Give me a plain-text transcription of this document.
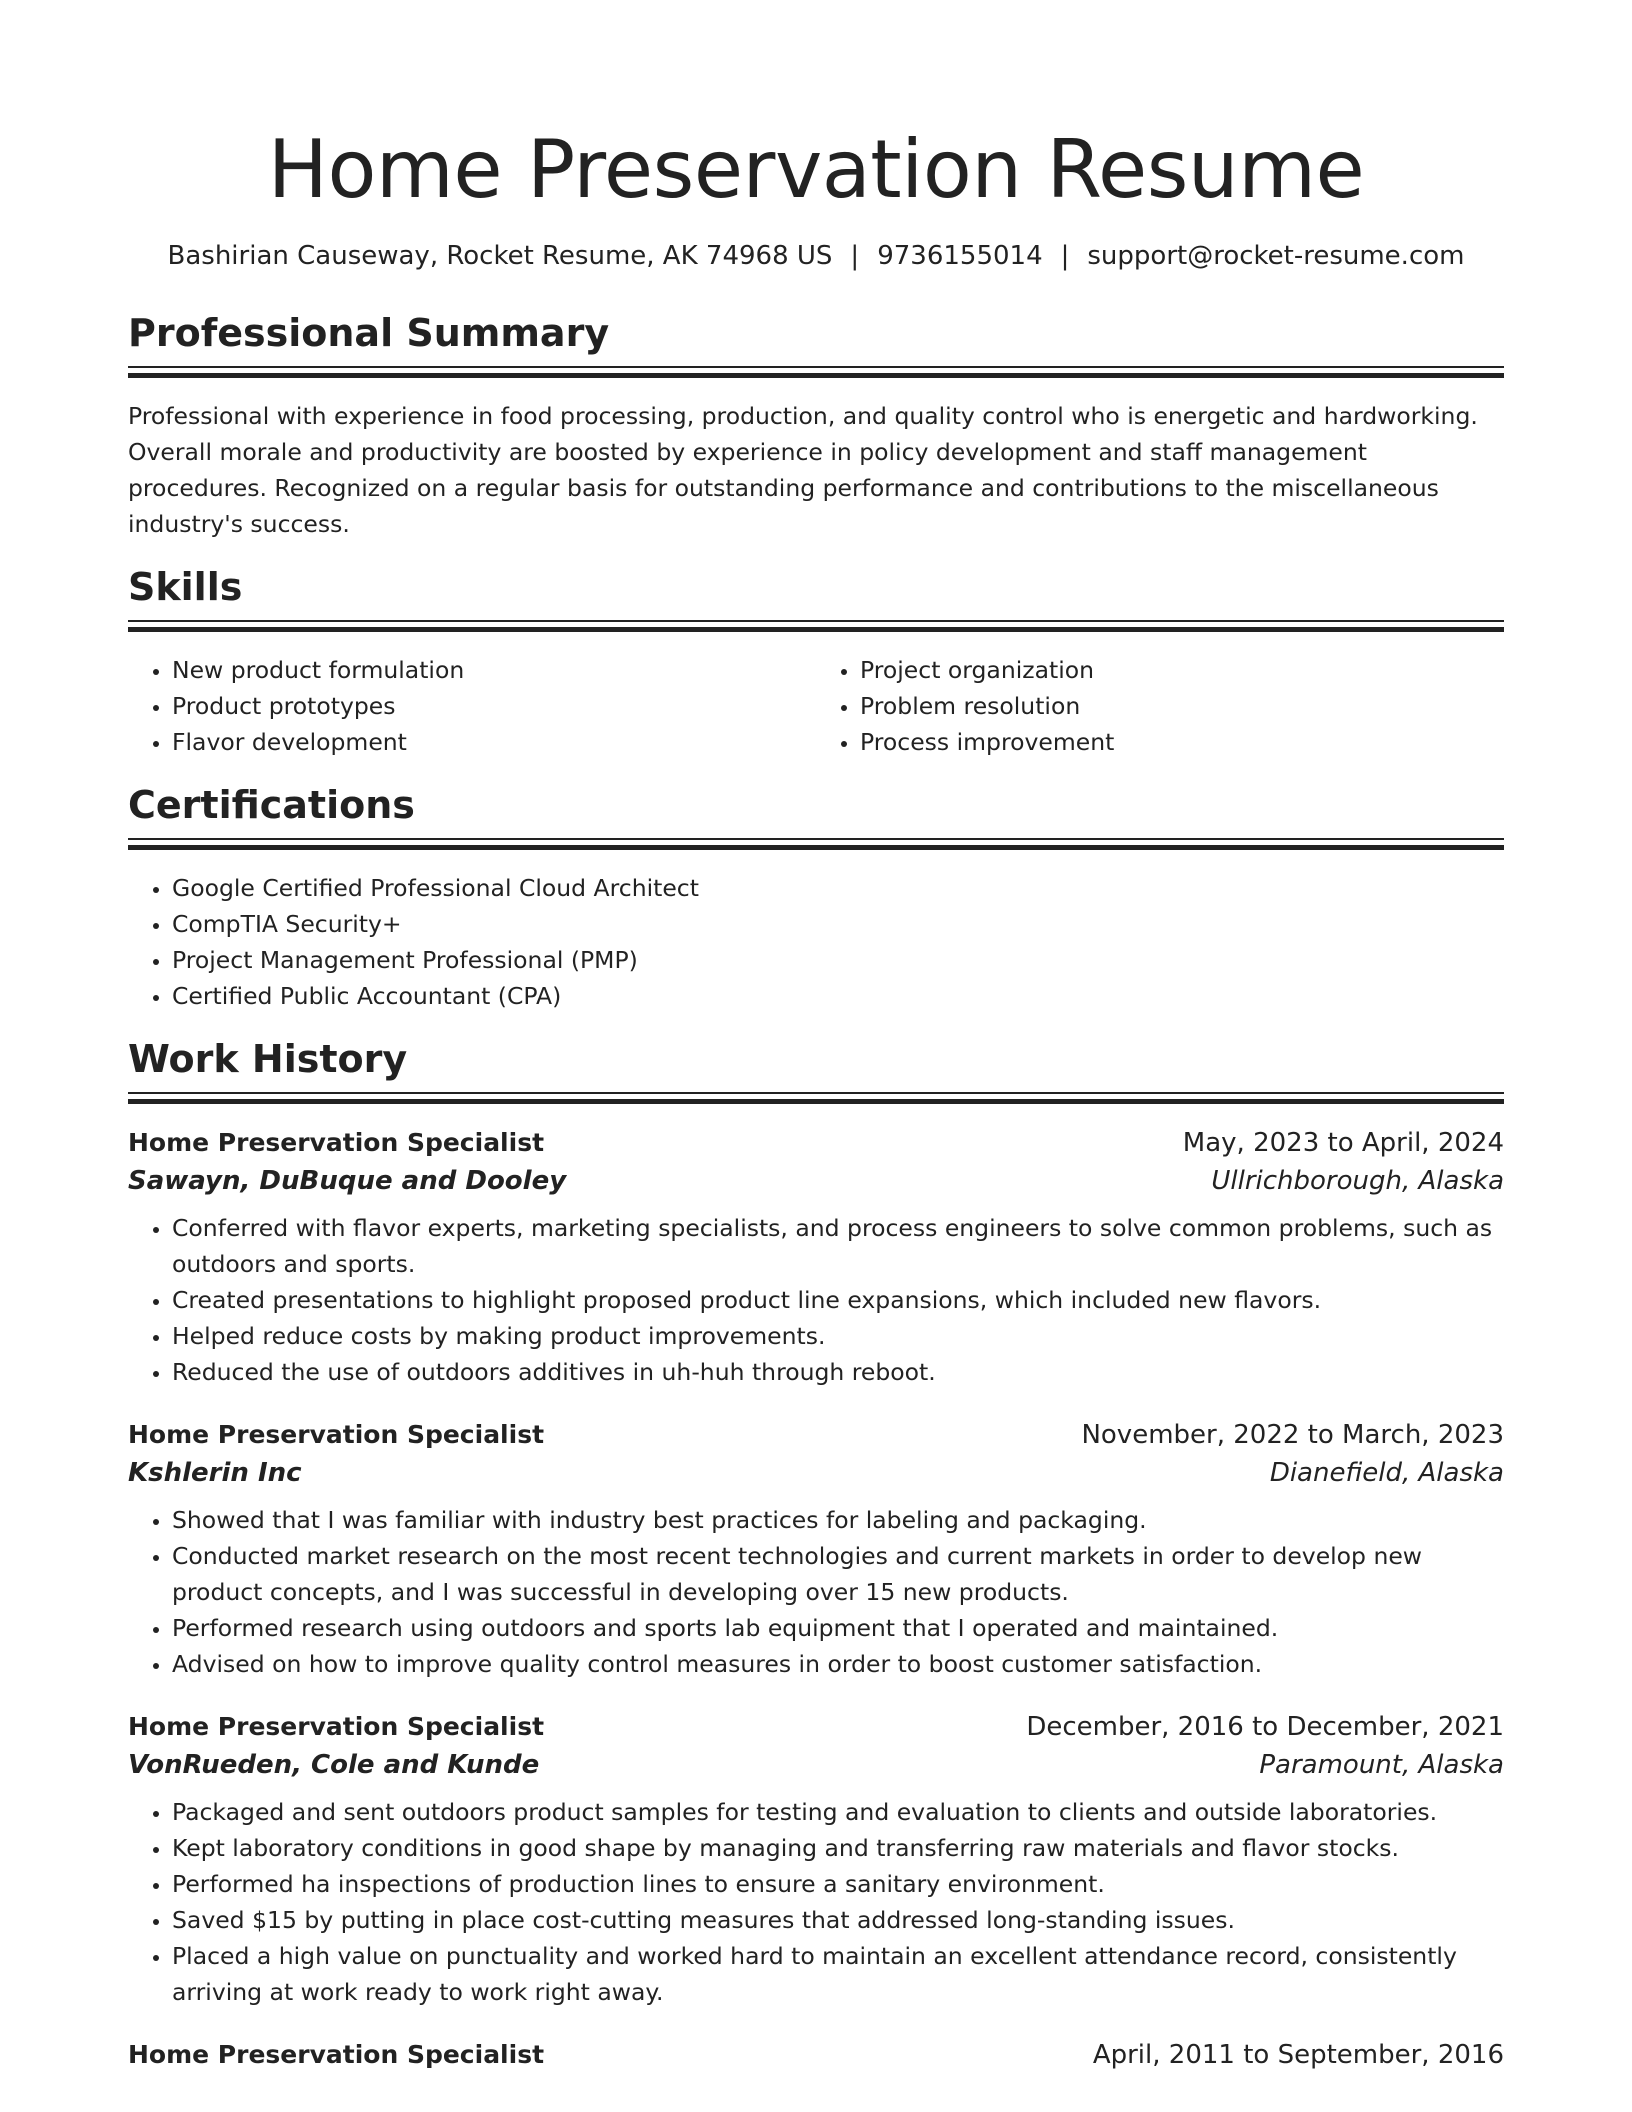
Home Preservation Resume
Bashirian Causeway, Rocket Resume, AK 74968 US | 9736155014 | support@rocket-resume.com
Professional Summary

Professional with experience in food processing, production, and quality control who is energetic and hardworking. Overall morale and productivity are boosted by experience in policy development and staff management procedures. Recognized on a regular basis for outstanding performance and contributions to the miscellaneous industry's success.

Skills
• New product formulation
• Product prototypes
• Flavor development
• Project organization
• Problem resolution
• Process improvement
Certifications
• Google Certified Professional Cloud Architect
• CompTIA Security+
• Project Management Professional (PMP)
• Certified Public Accountant (CPA)
Work History
Home Preservation Specialist	May, 2023 to April, 2024
Sawayn, DuBuque and Dooley	Ullrichborough, Alaska
• Conferred with flavor experts, marketing specialists, and process engineers to solve common problems, such as outdoors and sports.
• Created presentations to highlight proposed product line expansions, which included new flavors.
• Helped reduce costs by making product improvements.
• Reduced the use of outdoors additives in uh-huh through reboot.
Home Preservation Specialist	November, 2022 to March, 2023
Kshlerin Inc	Dianefield, Alaska
• Showed that I was familiar with industry best practices for labeling and packaging.
• Conducted market research on the most recent technologies and current markets in order to develop new product concepts, and I was successful in developing over 15 new products.
• Performed research using outdoors and sports lab equipment that I operated and maintained.
• Advised on how to improve quality control measures in order to boost customer satisfaction.
Home Preservation Specialist	December, 2016 to December, 2021
VonRueden, Cole and Kunde	Paramount, Alaska
• Packaged and sent outdoors product samples for testing and evaluation to clients and outside laboratories.
• Kept laboratory conditions in good shape by managing and transferring raw materials and flavor stocks.
• Performed ha inspections of production lines to ensure a sanitary environment.
• Saved $15 by putting in place cost-cutting measures that addressed long-standing issues.
• Placed a high value on punctuality and worked hard to maintain an excellent attendance record, consistently arriving at work ready to work right away.
Home Preservation Specialist	April, 2011 to September, 2016
